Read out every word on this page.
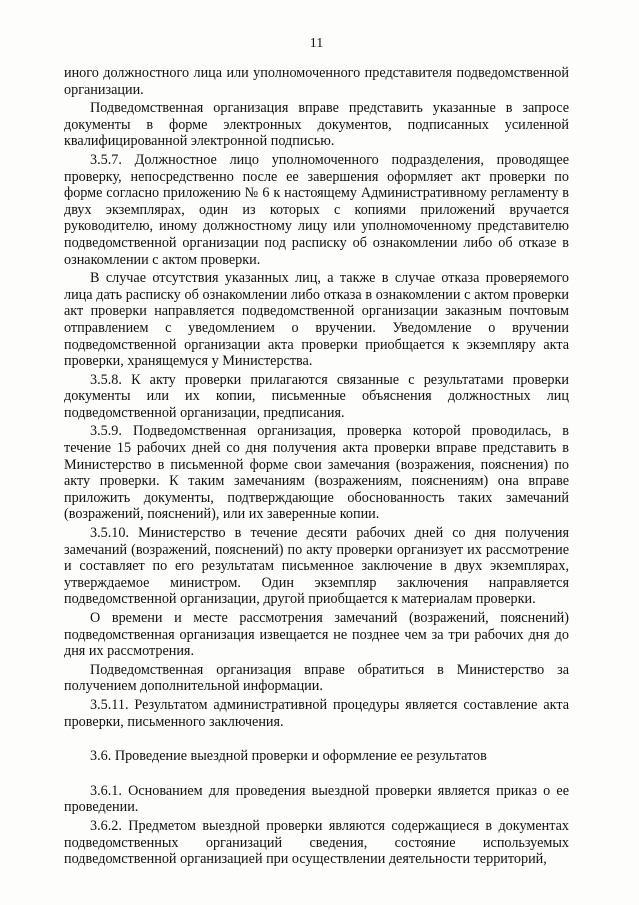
11

иного должностного лица или уполномоченного представителя подведомственной организации.

Подведомственная организация вправе представить указанные в запросе документы в форме электронных документов, подписанных усиленной квалифицированной электронной подписью.

3.5.7. Должностное лицо уполномоченного подразделения, проводящее проверку, непосредственно после ее завершения оформляет акт проверки по форме согласно приложению № 6 к настоящему Административному регламенту в двух экземплярах, один из которых с копиями приложений вручается руководителю, иному должностному лицу или уполномоченному представителю подведомственной организации под расписку об ознакомлении либо об отказе в ознакомлении с актом проверки.

В случае отсутствия указанных лиц, а также в случае отказа проверяемого лица дать расписку об ознакомлении либо отказа в ознакомлении с актом проверки акт проверки направляется подведомственной организации заказным почтовым отправлением с уведомлением о вручении. Уведомление о вручении подведомственной организации акта проверки приобщается к экземпляру акта проверки, хранящемуся у Министерства.

3.5.8. К акту проверки прилагаются связанные с результатами проверки документы или их копии, письменные объяснения должностных лиц подведомственной организации, предписания.

3.5.9. Подведомственная организация, проверка которой проводилась, в течение 15 рабочих дней со дня получения акта проверки вправе представить в Министерство в письменной форме свои замечания (возражения, пояснения) по акту проверки. К таким замечаниям (возражениям, пояснениям) она вправе приложить документы, подтверждающие обоснованность таких замечаний (возражений, пояснений), или их заверенные копии.

3.5.10. Министерство в течение десяти рабочих дней со дня получения замечаний (возражений, пояснений) по акту проверки организует их рассмотрение и составляет по его результатам письменное заключение в двух экземплярах, утверждаемое министром. Один экземпляр заключения направляется подведомственной организации, другой приобщается к материалам проверки.

О времени и месте рассмотрения замечаний (возражений, пояснений) подведомственная организация извещается не позднее чем за три рабочих дня до дня их рассмотрения.

Подведомственная организация вправе обратиться в Министерство за получением дополнительной информации.

3.5.11. Результатом административной процедуры является составление акта проверки, письменного заключения.

3.6. Проведение выездной проверки и оформление ее результатов

3.6.1. Основанием для проведения выездной проверки является приказ о ее проведении.

3.6.2. Предметом выездной проверки являются содержащиеся в документах подведомственных организаций сведения, состояние используемых подведомственной организацией при осуществлении деятельности территорий,
